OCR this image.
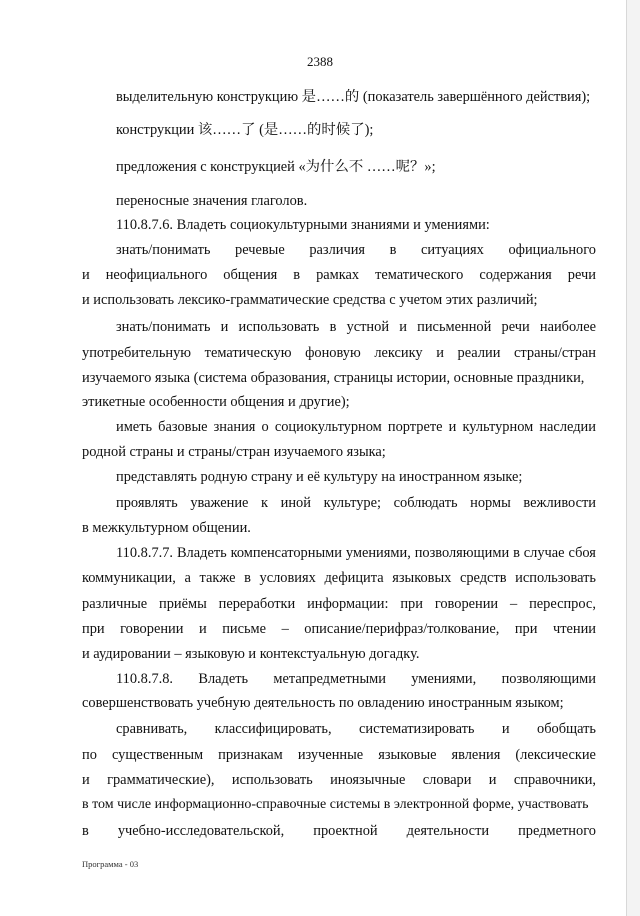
2388
выделительную конструкцию 是……的 (показатель завершённого действия);
конструкции 该……了 (是……的时候了);
предложения с конструкцией «为什么不 ……呢？»;
переносные значения глаголов.
110.8.7.6. Владеть социокультурными знаниями и умениями:
знать/понимать речевые различия в ситуациях официального
и неофициального общения в рамках тематического содержания речи
и использовать лексико-грамматические средства с учетом этих различий;
знать/понимать и использовать в устной и письменной речи наиболее
употребительную тематическую фоновую лексику и реалии страны/стран
изучаемого языка (система образования, страницы истории, основные праздники,
этикетные особенности общения и другие);
иметь базовые знания о социокультурном портрете и культурном наследии
родной страны и страны/стран изучаемого языка;
представлять родную страну и её культуру на иностранном языке;
проявлять уважение к иной культуре; соблюдать нормы вежливости
в межкультурном общении.
110.8.7.7. Владеть компенсаторными умениями, позволяющими в случае сбоя
коммуникации, а также в условиях дефицита языковых средств использовать
различные приёмы переработки информации: при говорении – переспрос,
при говорении и письме – описание/перифраз/толкование, при чтении
и аудировании – языковую и контекстуальную догадку.
110.8.7.8. Владеть метапредметными умениями, позволяющими
совершенствовать учебную деятельность по овладению иностранным языком;
сравнивать, классифицировать, систематизировать и обобщать
по существенным признакам изученные языковые явления (лексические
и грамматические), использовать иноязычные словари и справочники,
в том числе информационно-справочные системы в электронной форме, участвовать
в учебно-исследовательской, проектной деятельности предметного
Программа - 03
